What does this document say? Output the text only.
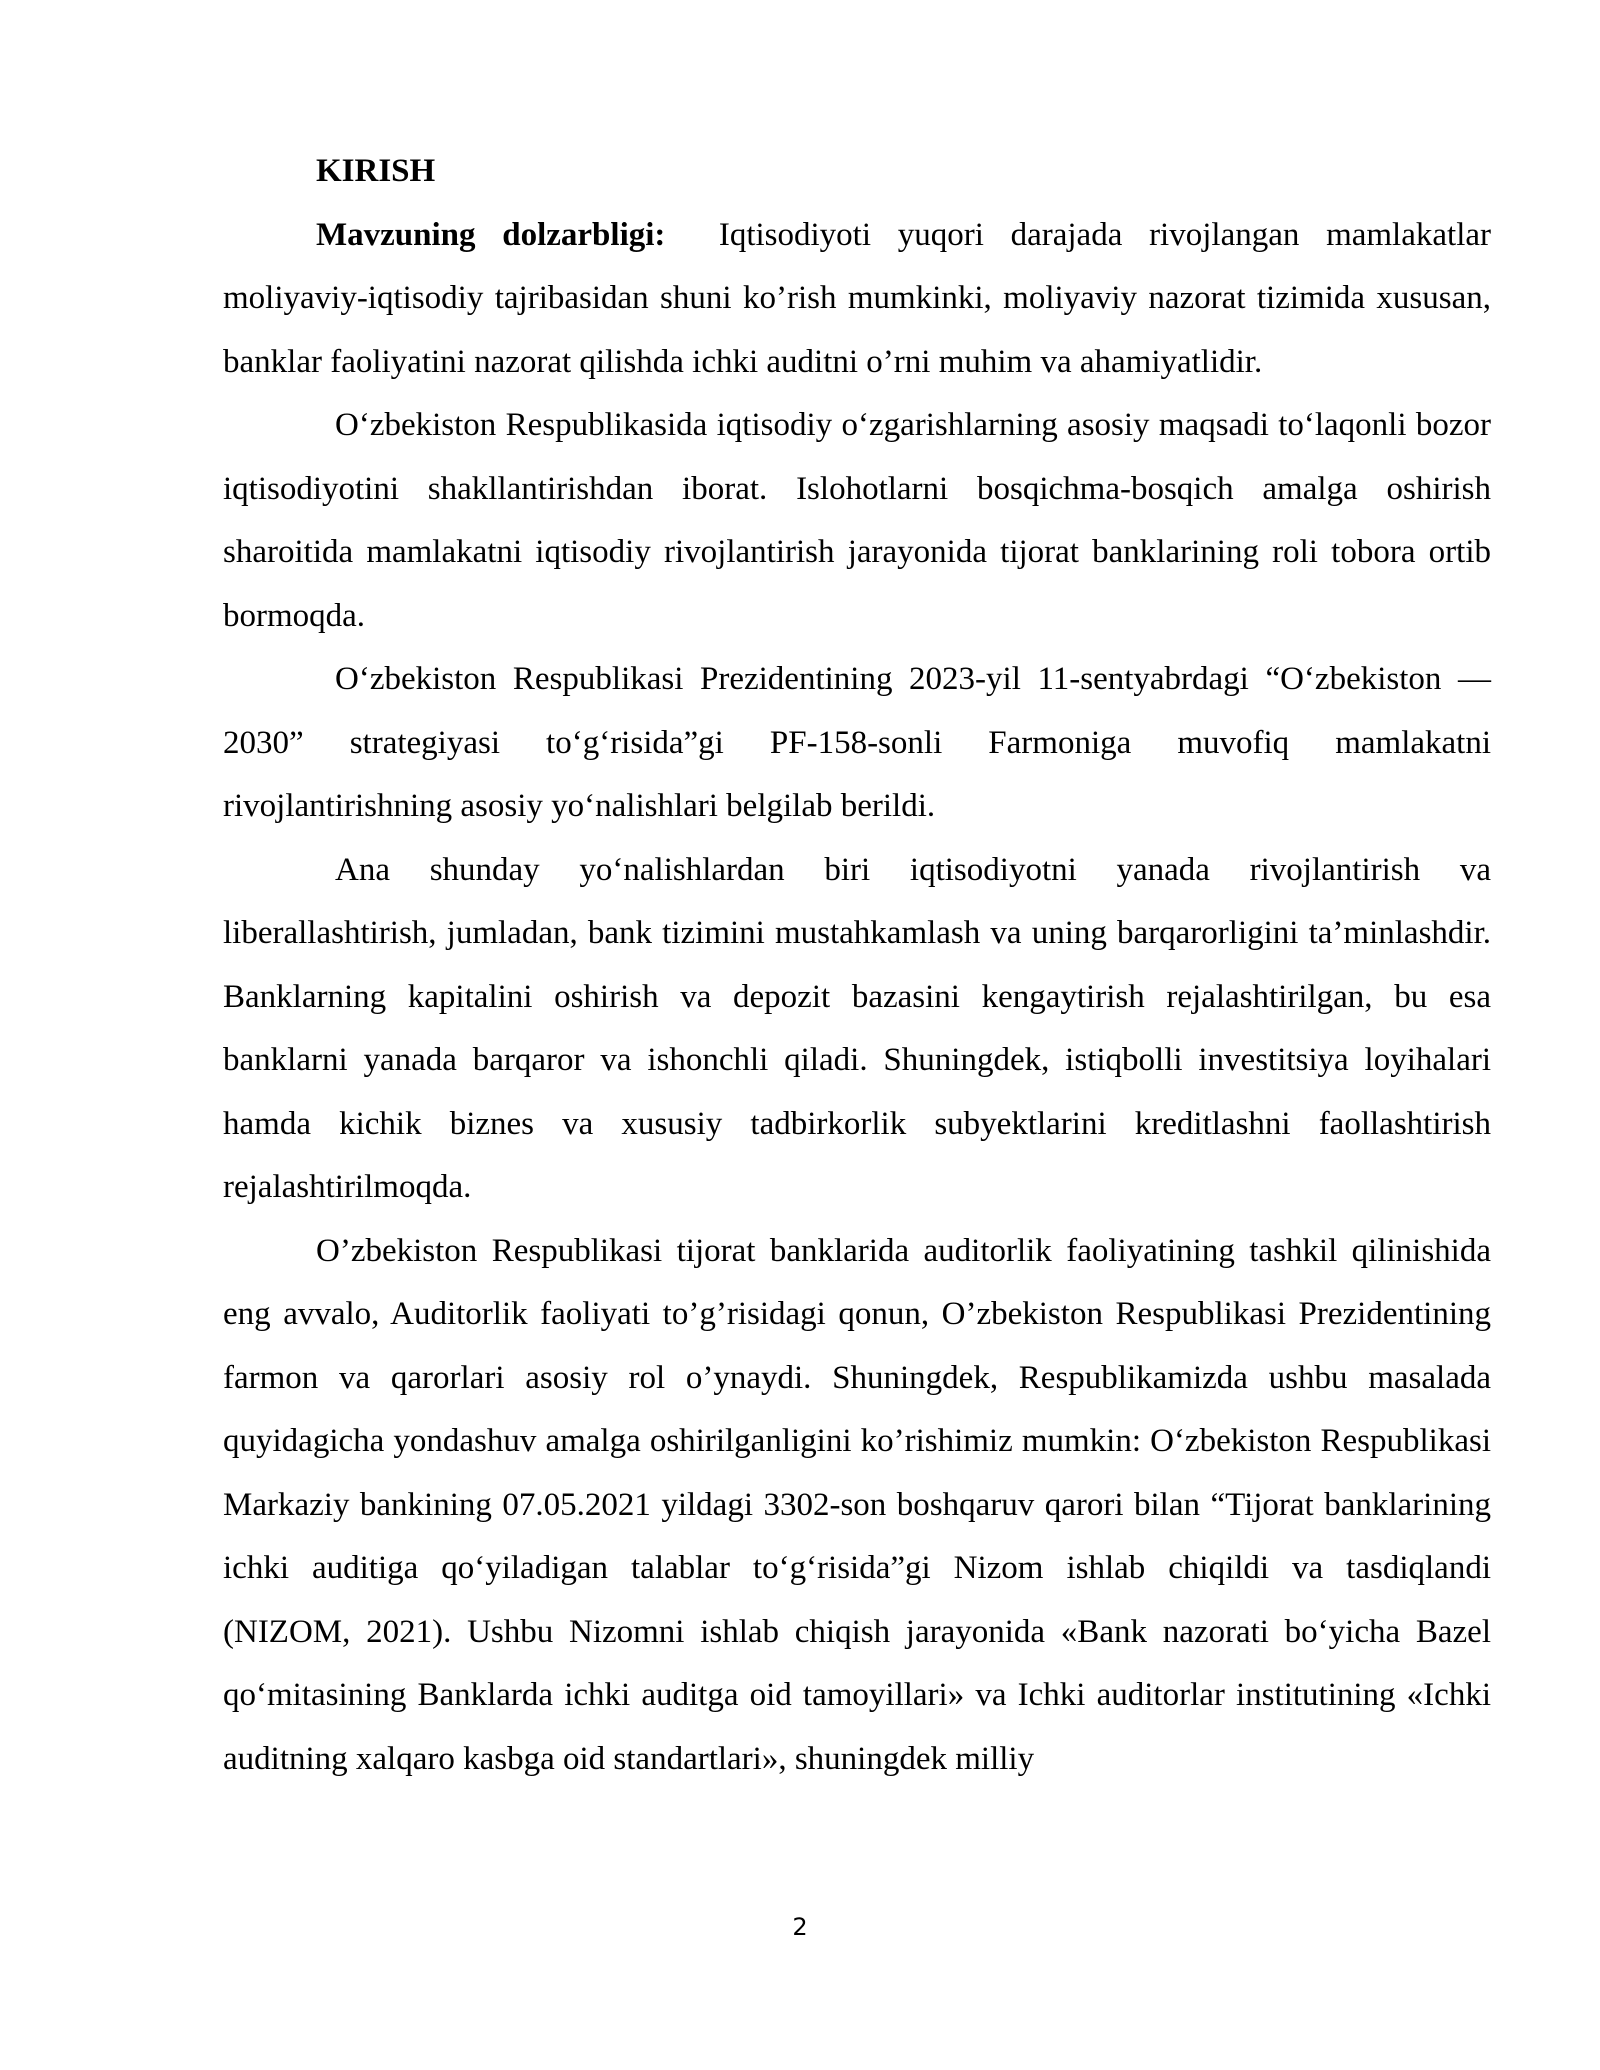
KIRISH

Mavzuning dolzarbligi: Iqtisodiyoti yuqori darajada rivojlangan mamlakatlar moliyaviy-iqtisodiy tajribasidan shuni ko’rish mumkinki, moliyaviy nazorat tizimida xususan, banklar faoliyatini nazorat qilishda ichki auditni o’rni muhim va ahamiyatlidir.

O‘zbekiston Respublikasida iqtisodiy o‘zgarishlarning asosiy maqsadi to‘laqonli bozor iqtisodiyotini shakllantirishdan iborat. Islohotlarni bosqichma-bosqich amalga oshirish sharoitida mamlakatni iqtisodiy rivojlantirish jarayonida tijorat banklarining roli tobora ortib bormoqda.

O‘zbekiston Respublikasi Prezidentining 2023-yil 11-sentyabrdagi “O‘zbekiston — 2030” strategiyasi to‘g‘risida”gi PF-158-sonli Farmoniga muvofiq mamlakatni rivojlantirishning asosiy yo‘nalishlari belgilab berildi.

Ana shunday yo‘nalishlardan biri iqtisodiyotni yanada rivojlantirish va liberallashtirish, jumladan, bank tizimini mustahkamlash va uning barqarorligini ta’minlashdir. Banklarning kapitalini oshirish va depozit bazasini kengaytirish rejalashtirilgan, bu esa banklarni yanada barqaror va ishonchli qiladi. Shuningdek, istiqbolli investitsiya loyihalari hamda kichik biznes va xususiy tadbirkorlik subyektlarini kreditlashni faollashtirish rejalashtirilmoqda.

O’zbekiston Respublikasi tijorat banklarida auditorlik faoliyatining tashkil qilinishida eng avvalo, Auditorlik faoliyati to’g’risidagi qonun, O’zbekiston Respublikasi Prezidentining farmon va qarorlari asosiy rol o’ynaydi. Shuningdek, Respublikamizda ushbu masalada quyidagicha yondashuv amalga oshirilganligini ko’rishimiz mumkin: O‘zbekiston Respublikasi Markaziy bankining 07.05.2021 yildagi 3302-son boshqaruv qarori bilan “Tijorat banklarining ichki auditiga qo‘yiladigan talablar to‘g‘risida”gi Nizom ishlab chiqildi va tasdiqlandi (NIZOM, 2021). Ushbu Nizomni ishlab chiqish jarayonida «Bank nazorati bo‘yicha Bazel qo‘mitasining Banklarda ichki auditga oid tamoyillari» va Ichki auditorlar institutining «Ichki auditning xalqaro kasbga oid standartlari», shuningdek milliy

2
